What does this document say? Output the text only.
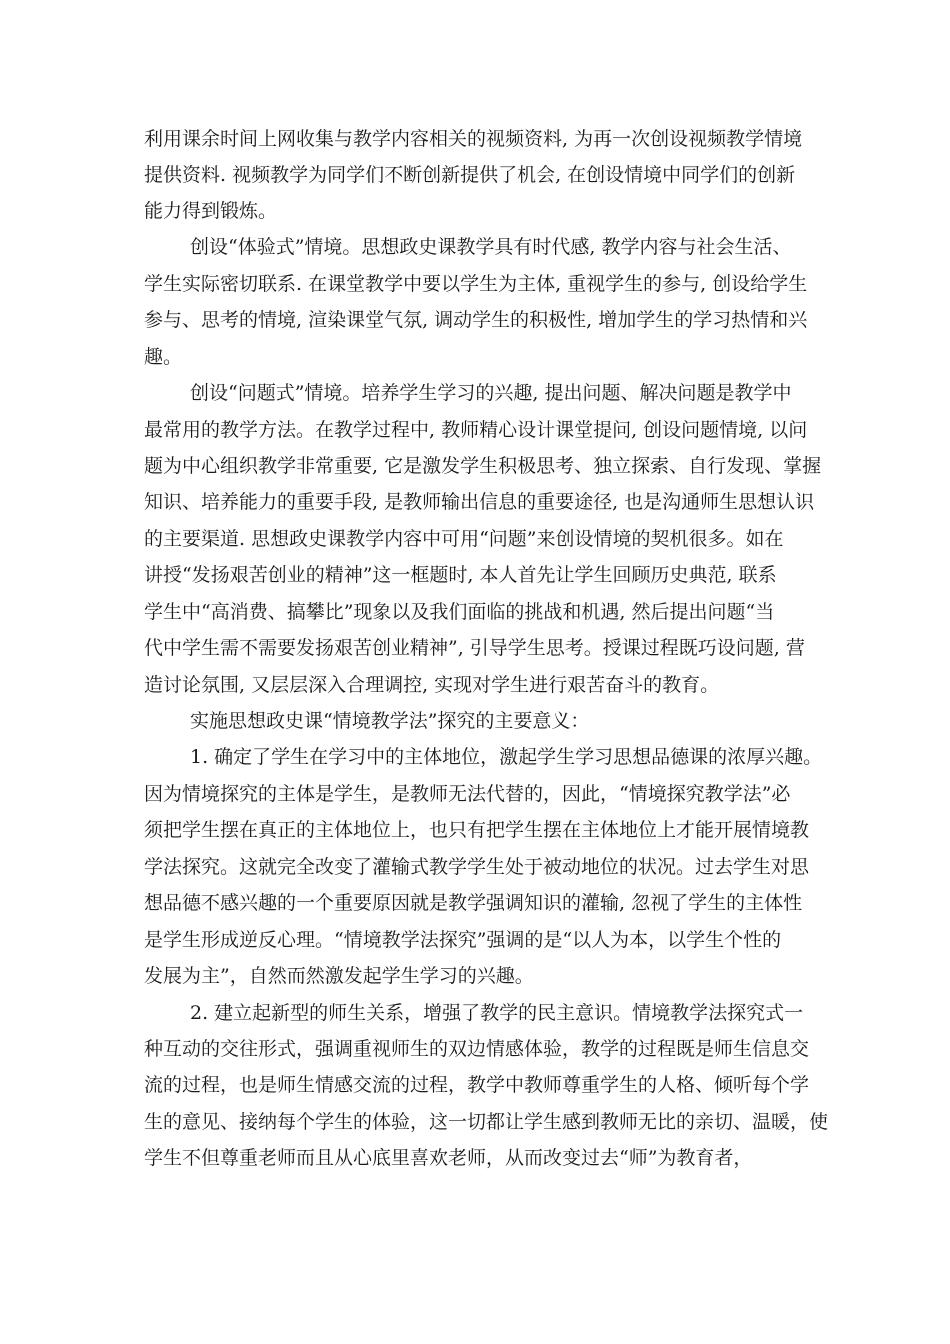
利用课余时间上网收集与教学内容相关的视频资料, 为再一次创设视频教学情境
提供资料. 视频教学为同学们不断创新提供了机会, 在创设情境中同学们的创新
能力得到锻炼。
创设“体验式”情境。思想政史课教学具有时代感, 教学内容与社会生活、
学生实际密切联系. 在课堂教学中要以学生为主体, 重视学生的参与, 创设给学生
参与、思考的情境, 渲染课堂气氛, 调动学生的积极性, 增加学生的学习热情和兴
趣。
创设“问题式”情境。培养学生学习的兴趣, 提出问题、解决问题是教学中
最常用的教学方法。在教学过程中, 教师精心设计课堂提问, 创设问题情境, 以问
题为中心组织教学非常重要, 它是激发学生积极思考、独立探索、自行发现、掌握
知识、培养能力的重要手段, 是教师输出信息的重要途径, 也是沟通师生思想认识
的主要渠道. 思想政史课教学内容中可用“问题”来创设情境的契机很多。如在
讲授“发扬艰苦创业的精神”这一框题时, 本人首先让学生回顾历史典范, 联系
学生中“高消费、搞攀比”现象以及我们面临的挑战和机遇, 然后提出问题“当
代中学生需不需要发扬艰苦创业精神”, 引导学生思考。授课过程既巧设问题, 营
造讨论氛围, 又层层深入合理调控, 实现对学生进行艰苦奋斗的教育。
实施思想政史课“情境教学法”探究的主要意义：
1. 确定了学生在学习中的主体地位，激起学生学习思想品德课的浓厚兴趣。
因为情境探究的主体是学生，是教师无法代替的，因此，“情境探究教学法”必
须把学生摆在真正的主体地位上，也只有把学生摆在主体地位上才能开展情境教
学法探究。这就完全改变了灌输式教学学生处于被动地位的状况。过去学生对思
想品德不感兴趣的一个重要原因就是教学强调知识的灌输, 忽视了学生的主体性
是学生形成逆反心理。“情境教学法探究”强调的是“以人为本，以学生个性的
发展为主”，自然而然激发起学生学习的兴趣。
2. 建立起新型的师生关系，增强了教学的民主意识。情境教学法探究式一
种互动的交往形式，强调重视师生的双边情感体验，教学的过程既是师生信息交
流的过程，也是师生情感交流的过程，教学中教师尊重学生的人格、倾听每个学
生的意见、接纳每个学生的体验，这一切都让学生感到教师无比的亲切、温暖，使
学生不但尊重老师而且从心底里喜欢老师，从而改变过去“师”为教育者，
